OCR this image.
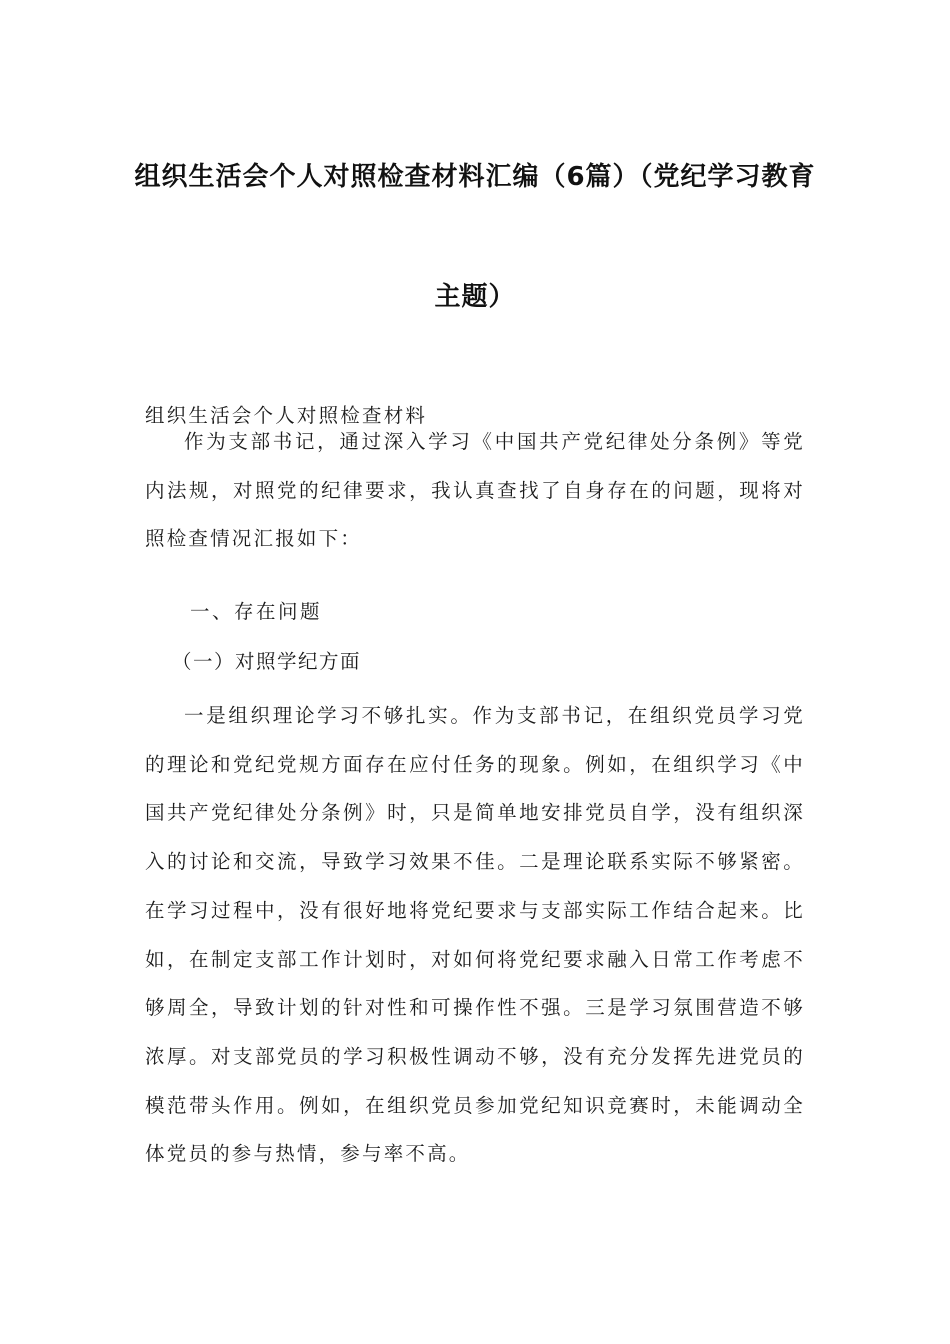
组织生活会个人对照检查材料汇编（6篇）（党纪学习教育
主题）
组织生活会个人对照检查材料
作为支部书记，通过深入学习《中国共产党纪律处分条例》等党内法规，对照党的纪律要求，我认真查找了自身存在的问题，现将对照检查情况汇报如下：
一、存在问题
（一）对照学纪方面
一是组织理论学习不够扎实。作为支部书记，在组织党员学习党的理论和党纪党规方面存在应付任务的现象。例如，在组织学习《中国共产党纪律处分条例》时，只是简单地安排党员自学，没有组织深入的讨论和交流，导致学习效果不佳。二是理论联系实际不够紧密。在学习过程中，没有很好地将党纪要求与支部实际工作结合起来。比如，在制定支部工作计划时，对如何将党纪要求融入日常工作考虑不够周全，导致计划的针对性和可操作性不强。三是学习氛围营造不够浓厚。对支部党员的学习积极性调动不够，没有充分发挥先进党员的模范带头作用。例如，在组织党员参加党纪知识竞赛时，未能调动全体党员的参与热情，参与率不高。
